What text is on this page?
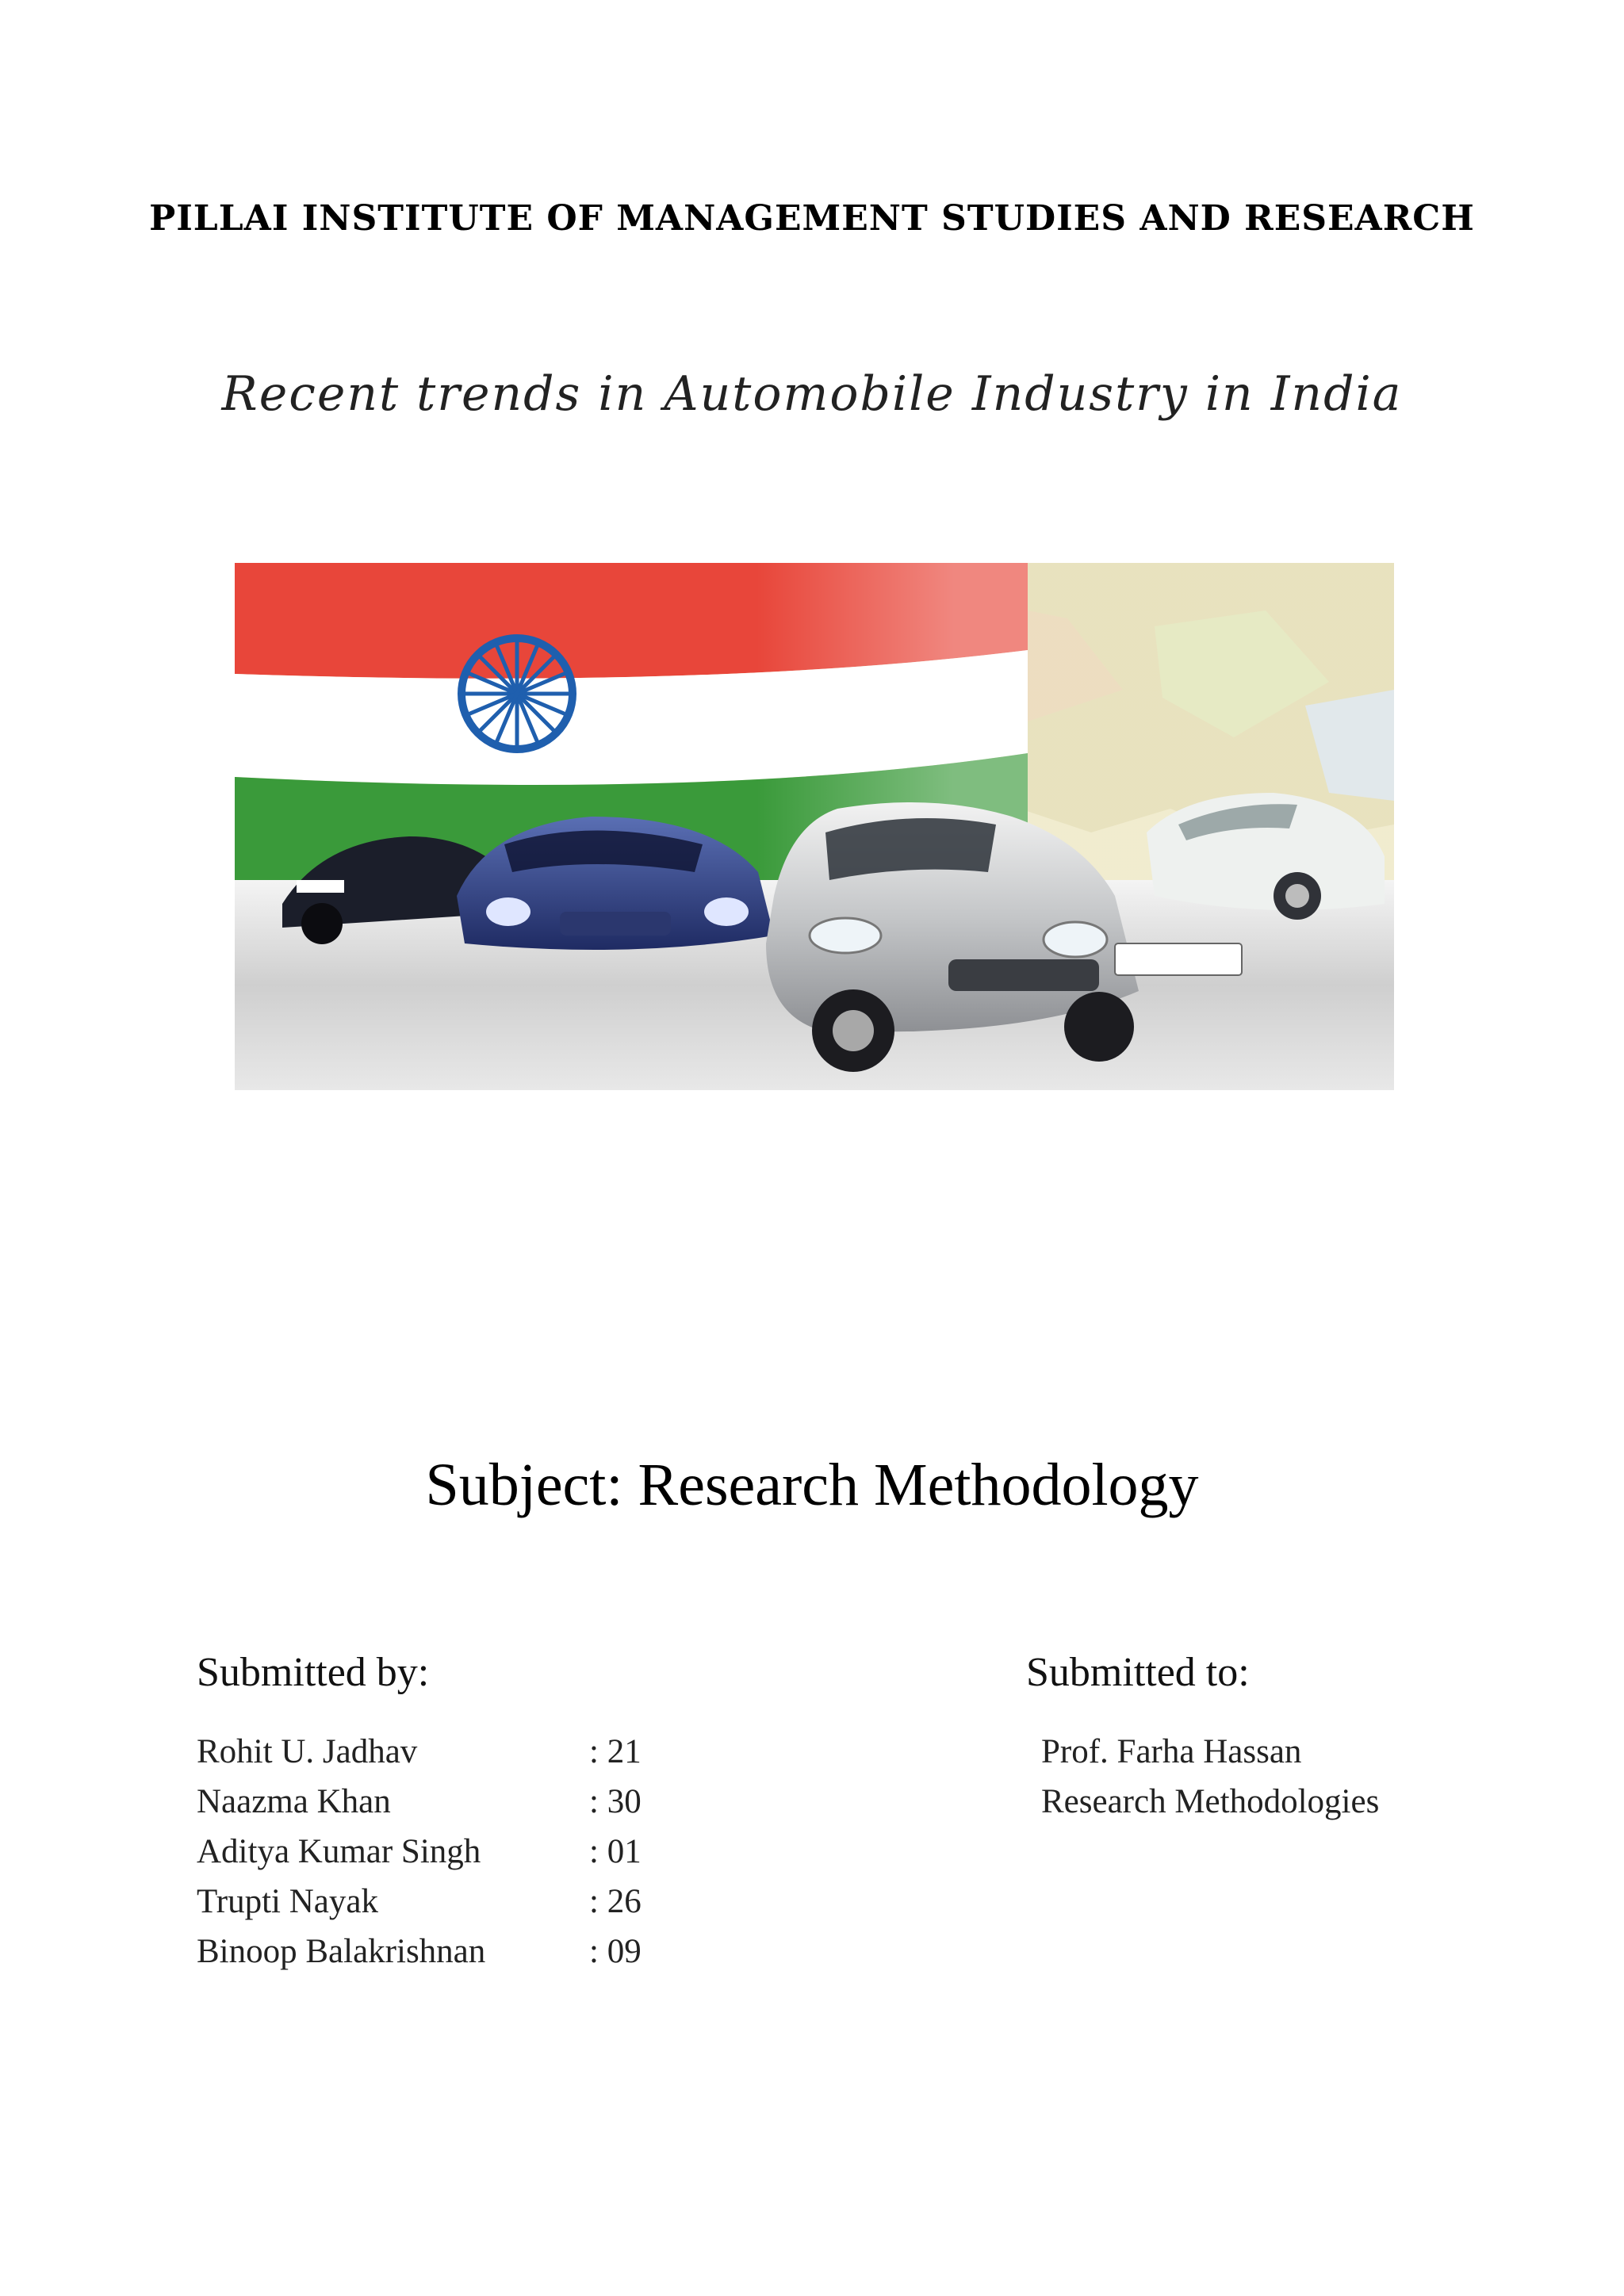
PILLAI INSTITUTE OF MANAGEMENT STUDIES AND RESEARCH
Recent trends in Automobile Industry in India
Subject: Research Methodology
Submitted by:	Submitted to:
Rohit U. Jadhav	: 21
Naazma Khan	: 30
Aditya Kumar Singh	: 01
Trupti Nayak	: 26
Binoop Balakrishnan	: 09
Prof. Farha Hassan
Research Methodologies
